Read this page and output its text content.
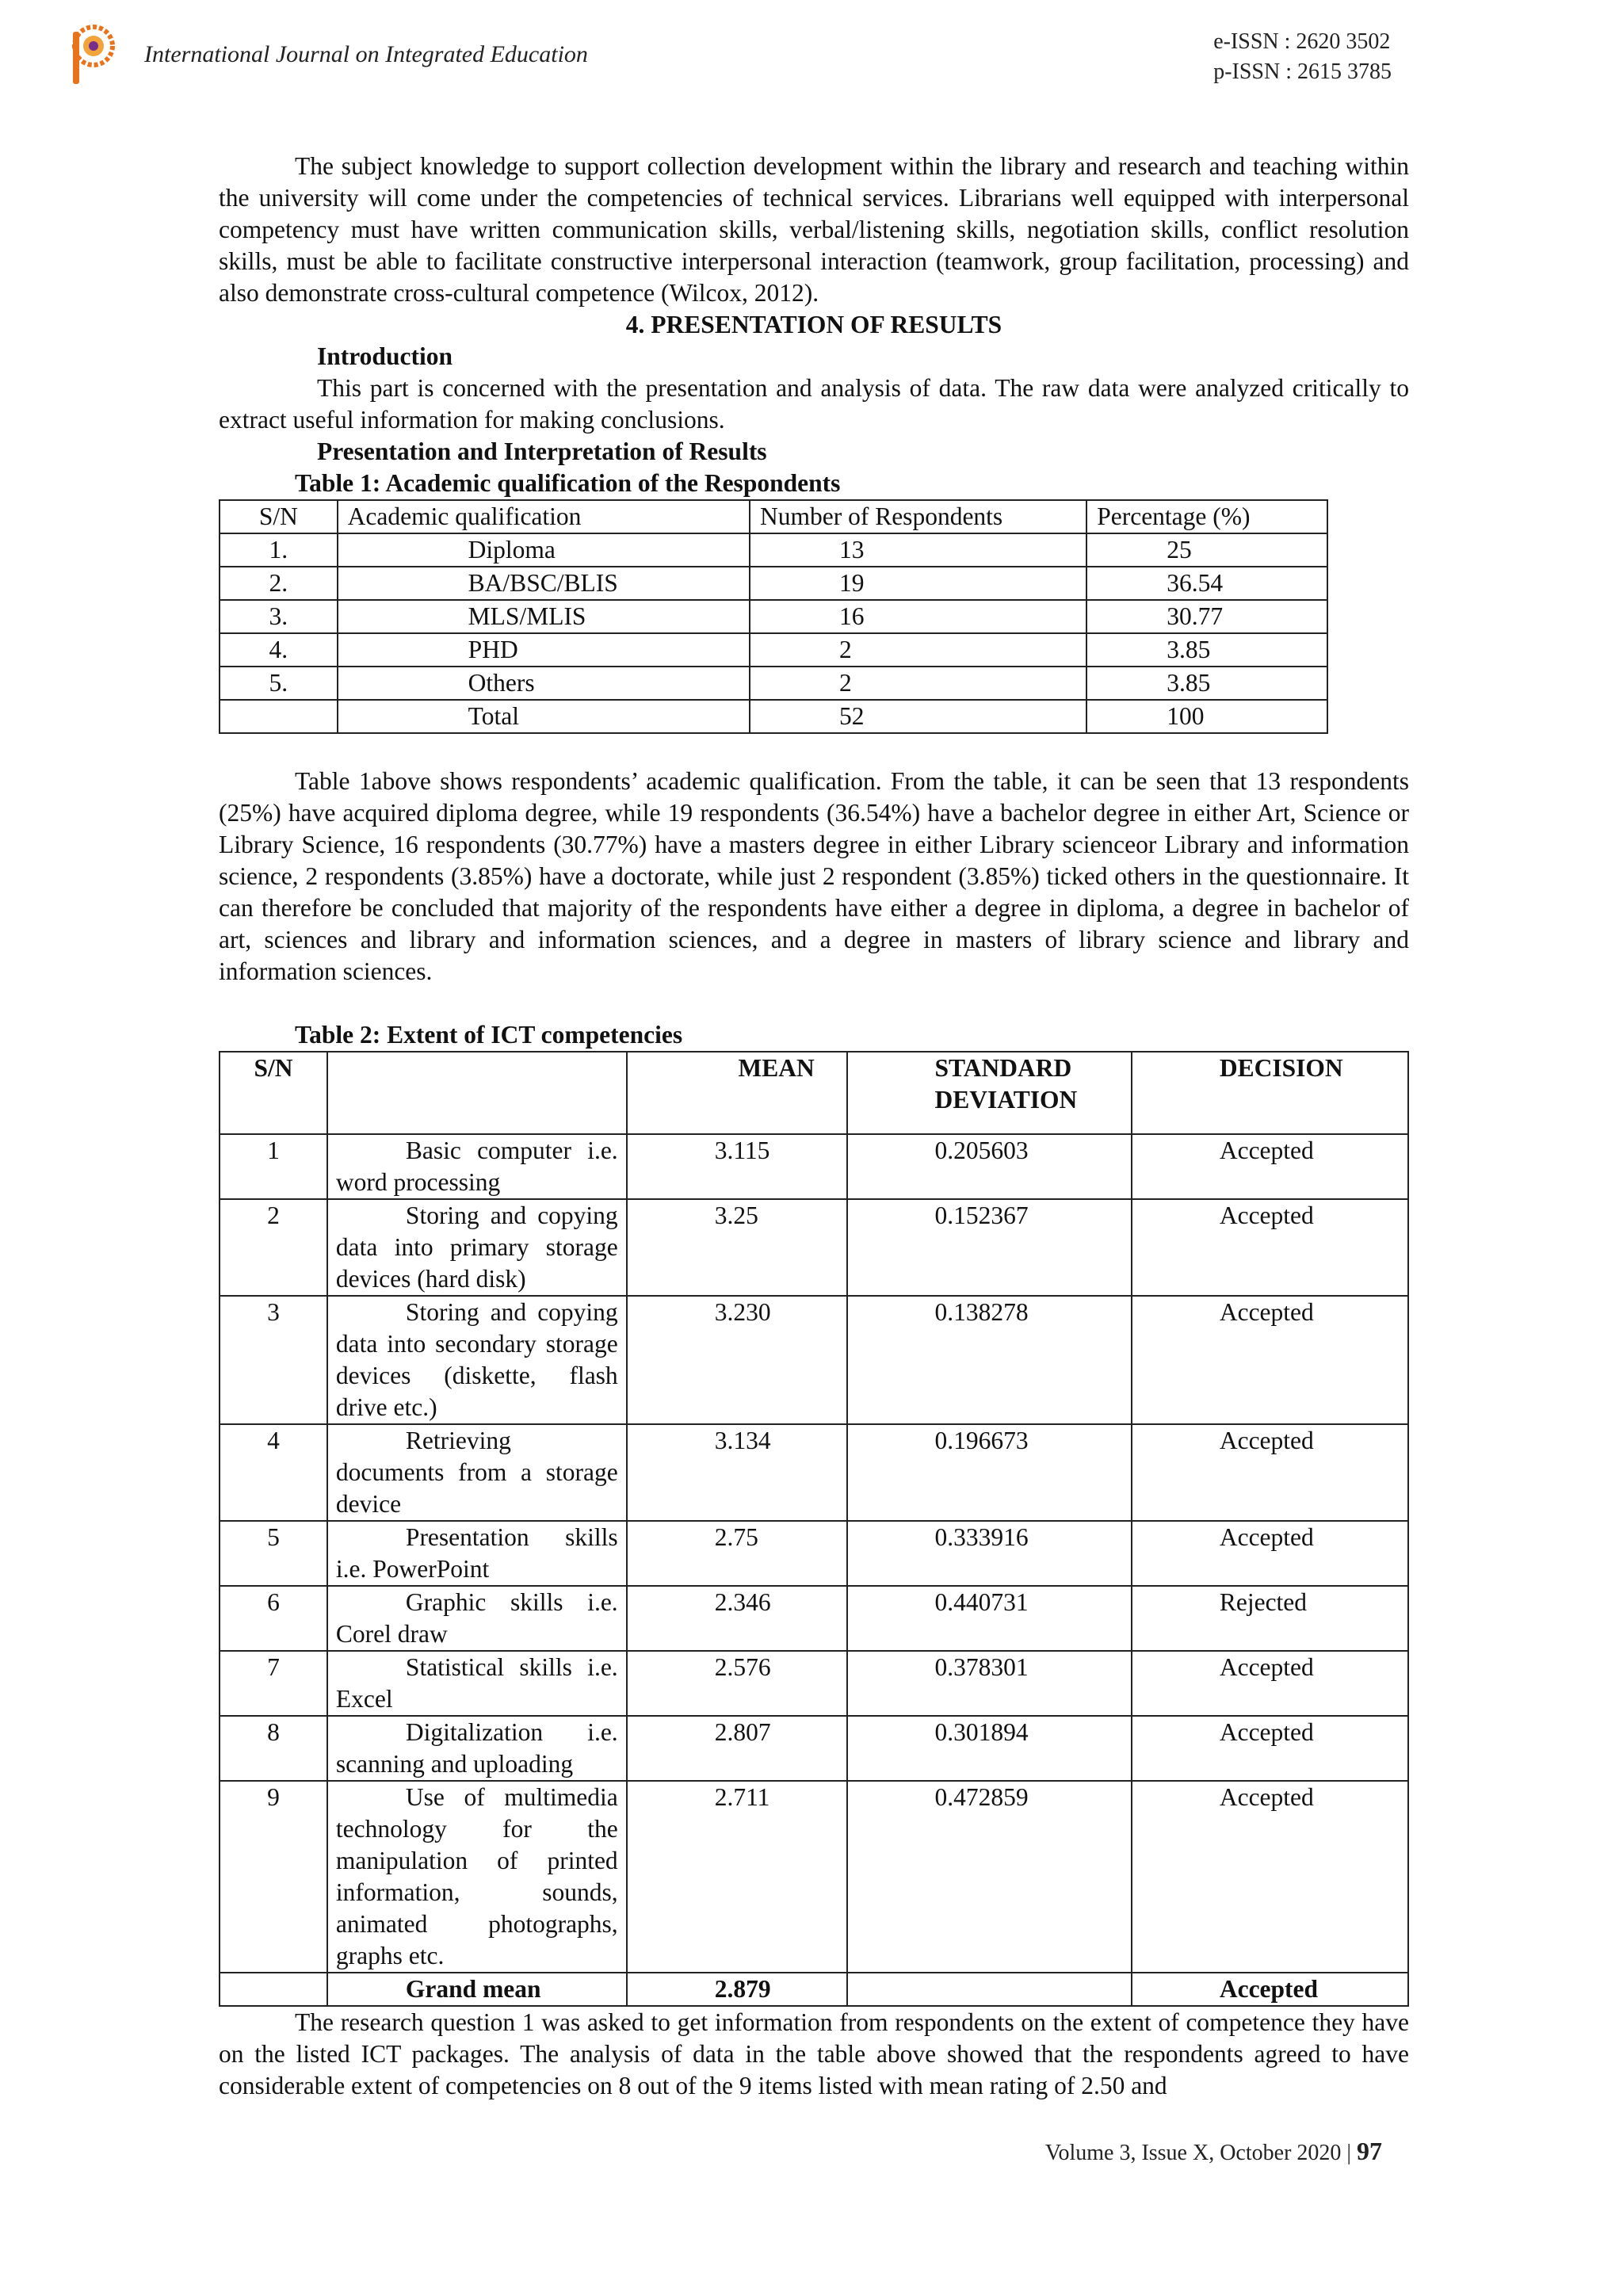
International Journal on Integrated Education	e-ISSN : 2620 3502
p-ISSN : 2615 3785

The subject knowledge to support collection development within the library and research and teaching within the university will come under the competencies of technical services. Librarians well equipped with interpersonal competency must have written communication skills, verbal/listening skills, negotiation skills, conflict resolution skills, must be able to facilitate constructive interpersonal interaction (teamwork, group facilitation, processing) and also demonstrate cross-cultural competence (Wilcox, 2012).

4. PRESENTATION OF RESULTS

Introduction

This part is concerned with the presentation and analysis of data. The raw data were analyzed critically to extract useful information for making conclusions.

Presentation and Interpretation of Results

Table 1: Academic qualification of the Respondents

S/N	Academic qualification	Number of Respondents	Percentage (%)
1.	Diploma	13	25
2.	BA/BSC/BLIS	19	36.54
3.	MLS/MLIS	16	30.77
4.	PHD	2	3.85
5.	Others	2	3.85
	Total	52	100

Table 1above shows respondents’ academic qualification. From the table, it can be seen that 13 respondents (25%) have acquired diploma degree, while 19 respondents (36.54%) have a bachelor degree in either Art, Science or Library Science, 16 respondents (30.77%) have a masters degree in either Library scienceor Library and information science, 2 respondents (3.85%) have a doctorate, while just 2 respondent (3.85%) ticked others in the questionnaire. It can therefore be concluded that majority of the respondents have either a degree in diploma, a degree in bachelor of art, sciences and library and information sciences, and a degree in masters of library science and library and information sciences.

Table 2: Extent of ICT competencies

S/N		MEAN	STANDARD DEVIATION	DECISION
1	Basic computer i.e. word processing	3.115	0.205603	Accepted
2	Storing and copying data into primary storage devices (hard disk)	3.25	0.152367	Accepted
3	Storing and copying data into secondary storage devices (diskette, flash drive etc.)	3.230	0.138278	Accepted
4	Retrieving documents from a storage device	3.134	0.196673	Accepted
5	Presentation skills i.e. PowerPoint	2.75	0.333916	Accepted
6	Graphic skills i.e. Corel draw	2.346	0.440731	Rejected
7	Statistical skills i.e. Excel	2.576	0.378301	Accepted
8	Digitalization i.e. scanning and uploading	2.807	0.301894	Accepted
9	Use of multimedia technology for the manipulation of printed information, sounds, animated photographs, graphs etc.	2.711	0.472859	Accepted
	Grand mean	2.879		Accepted

The research question 1 was asked to get information from respondents on the extent of competence they have on the listed ICT packages. The analysis of data in the table above showed that the respondents agreed to have considerable extent of competencies on 8 out of the 9 items listed with mean rating of 2.50 and

Volume 3, Issue X, October 2020 | 97
